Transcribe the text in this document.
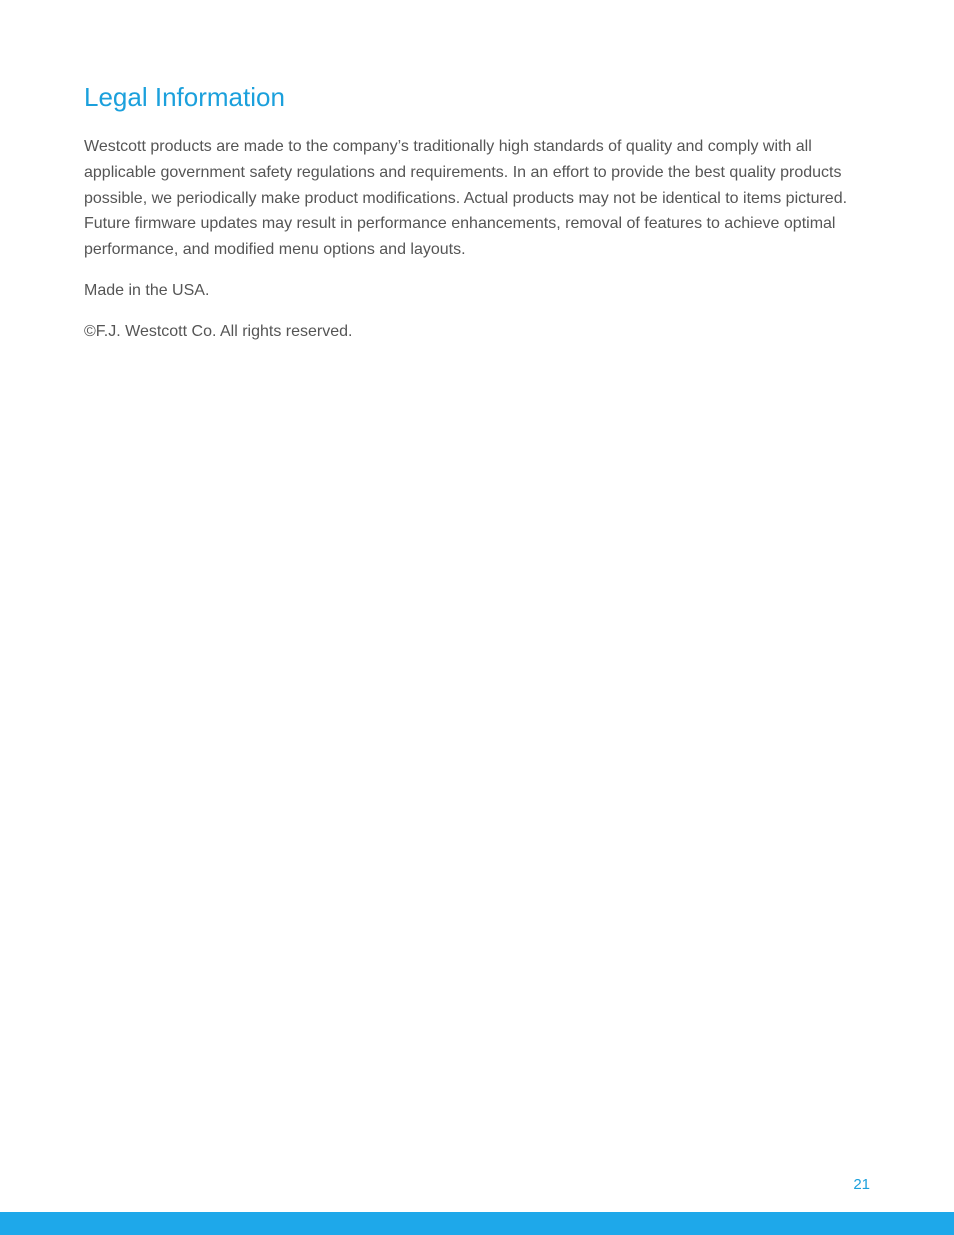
Legal Information

Westcott products are made to the company’s traditionally high standards of quality and comply with all applicable government safety regulations and requirements. In an effort to provide the best quality products possible, we periodically make product modifications. Actual products may not be identical to items pictured. Future firmware updates may result in performance enhancements, removal of features to achieve optimal performance, and modified menu options and layouts.

Made in the USA.

©F.J. Westcott Co. All rights reserved.

21
